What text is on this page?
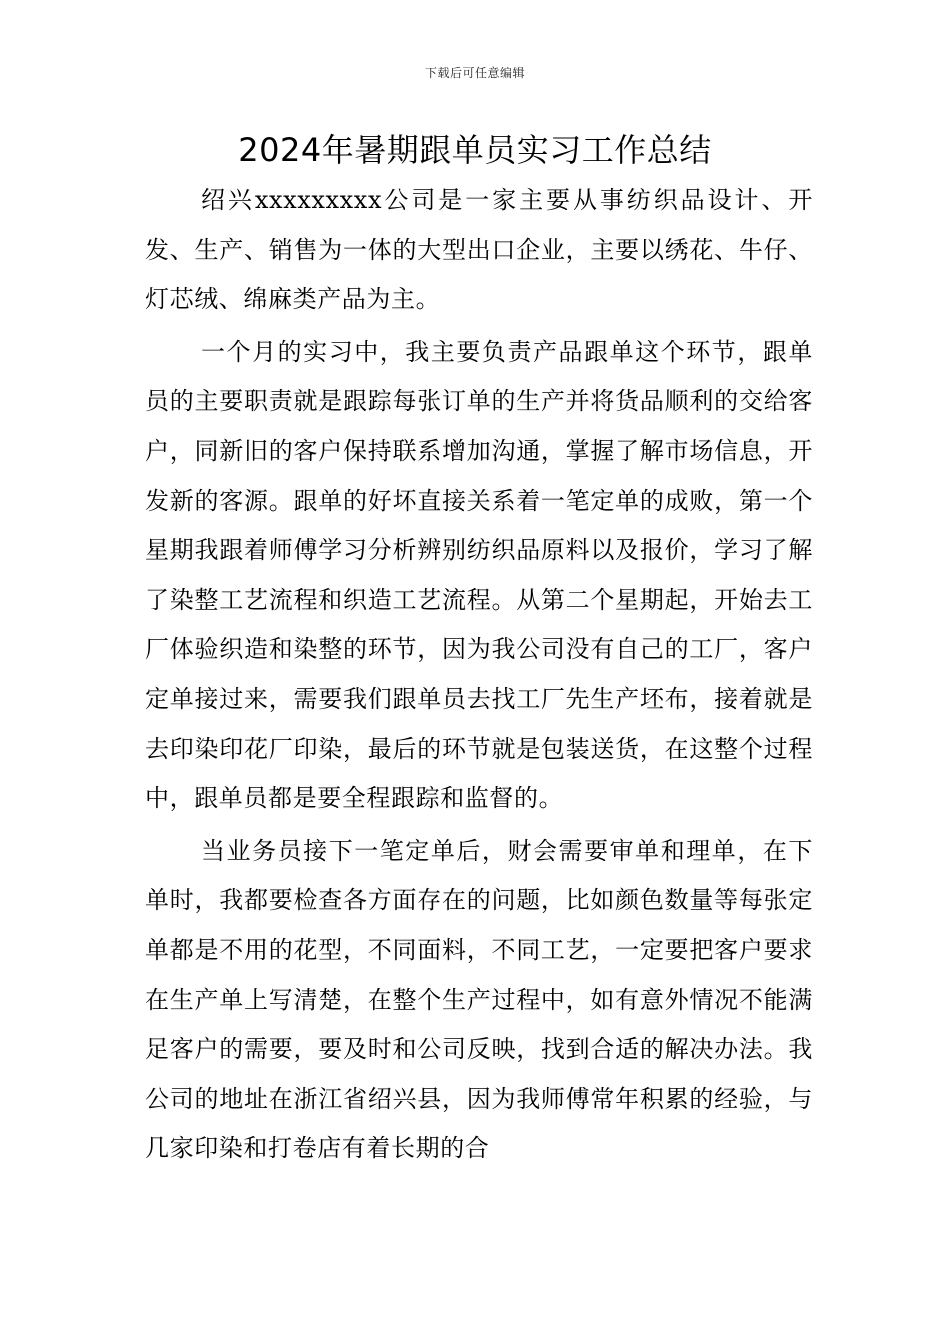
下载后可任意编辑
2024年暑期跟单员实习工作总结

绍兴xxxxxxxxx公司是一家主要从事纺织品设计、开发、生产、销售为一体的大型出口企业，主要以绣花、牛仔、灯芯绒、绵麻类产品为主。

一个月的实习中，我主要负责产品跟单这个环节，跟单员的主要职责就是跟踪每张订单的生产并将货品顺利的交给客户，同新旧的客户保持联系增加沟通，掌握了解市场信息，开发新的客源。跟单的好坏直接关系着一笔定单的成败，第一个星期我跟着师傅学习分析辨别纺织品原料以及报价，学习了解了染整工艺流程和织造工艺流程。从第二个星期起，开始去工厂体验织造和染整的环节，因为我公司没有自己的工厂，客户定单接过来，需要我们跟单员去找工厂先生产坯布，接着就是去印染印花厂印染，最后的环节就是包装送货，在这整个过程中，跟单员都是要全程跟踪和监督的。

当业务员接下一笔定单后，财会需要审单和理单，在下单时，我都要检查各方面存在的问题，比如颜色数量等每张定单都是不用的花型，不同面料，不同工艺，一定要把客户要求在生产单上写清楚，在整个生产过程中，如有意外情况不能满足客户的需要，要及时和公司反映，找到合适的解决办法。我公司的地址在浙江省绍兴县，因为我师傅常年积累的经验，与几家印染和打卷店有着长期的合
